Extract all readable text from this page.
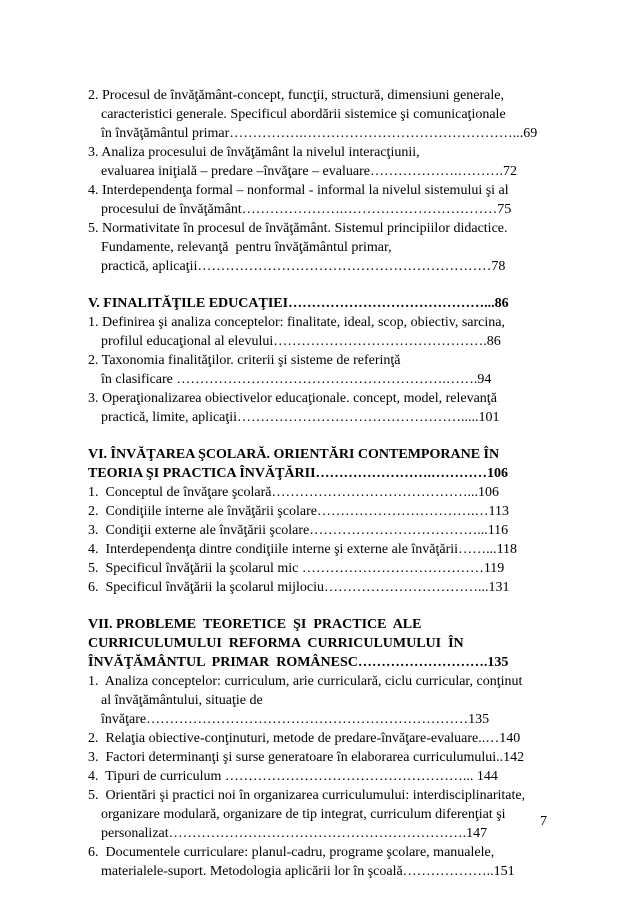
2. Procesul de învăţământ-concept, funcţii, structură, dimensiuni generale,
caracteristici generale. Specificul abordării sistemice şi comunicaţionale
în învăţământul primar…………….………………………………………...69
3. Analiza procesului de învăţământ la nivelul interacţiunii,
evaluarea iniţială – predare –învăţare – evaluare……………….……….72
4. Interdependenţa formal – nonformal - informal la nivelul sistemului şi al
procesului de învăţământ………………….……………………………75
5. Normativitate în procesul de învăţământ. Sistemul principiilor didactice.
Fundamente, relevanţă  pentru învăţământul primar,
practică, aplicaţii………………………………………………………78
V. FINALITĂŢILE EDUCAŢIEI……………………………………...86
1. Definirea şi analiza conceptelor: finalitate, ideal, scop, obiectiv, sarcina,
profilul educaţional al elevului……………………………………….86
2. Taxonomia finalităţilor. criterii şi sisteme de referinţă
în clasificare ………………………………………………….…….94
3. Operaţionalizarea obiectivelor educaţionale. concept, model, relevanţă
practică, limite, aplicaţii………………………………………….....101
VI. ÎNVĂŢAREA ŞCOLARĂ. ORIENTĂRI CONTEMPORANE ÎN
TEORIA ŞI PRACTICA ÎNVĂŢĂRII…………………….…………106
1.  Conceptul de învăţare şcolară……………………………………...106
2.  Condiţiile interne ale învăţării şcolare…………………………….…113
3.  Condiţii externe ale învăţării şcolare………………………………...116
4.  Interdependenţa dintre condiţiile interne şi externe ale învăţării……...118
5.  Specificul învăţării la şcolarul mic …………………………………119
6.  Specificul învăţării la şcolarul mijlociu……………………………...131
VII. PROBLEME  TEORETICE  ŞI  PRACTICE  ALE
CURRICULUMULUI  REFORMA  CURRICULUMULUI  ÎN
ÎNVĂŢĂMÂNTUL  PRIMAR  ROMÂNESC……………………….135
1.  Analiza conceptelor: curriculum, arie curriculară, ciclu curricular, conţinut
al învăţământului, situaţie de
învăţare……………………………………………………………135
2.  Relaţia obiective-conţinuturi, metode de predare-învăţare-evaluare..…140
3.  Factori determinanţi şi surse generatoare în elaborarea curriculumului..142
4.  Tipuri de curriculum ……………………………………………... 144
5.  Orientări şi practici noi în organizarea curriculumului: interdisciplinaritate,
organizare modulară, organizare de tip integrat, curriculum diferenţiat şi
personalizat……………………………………………………….147
6.  Documentele curriculare: planul-cadru, programe şcolare, manualele,
materialele-suport. Metodologia aplicării lor în şcoală………………..151
7
